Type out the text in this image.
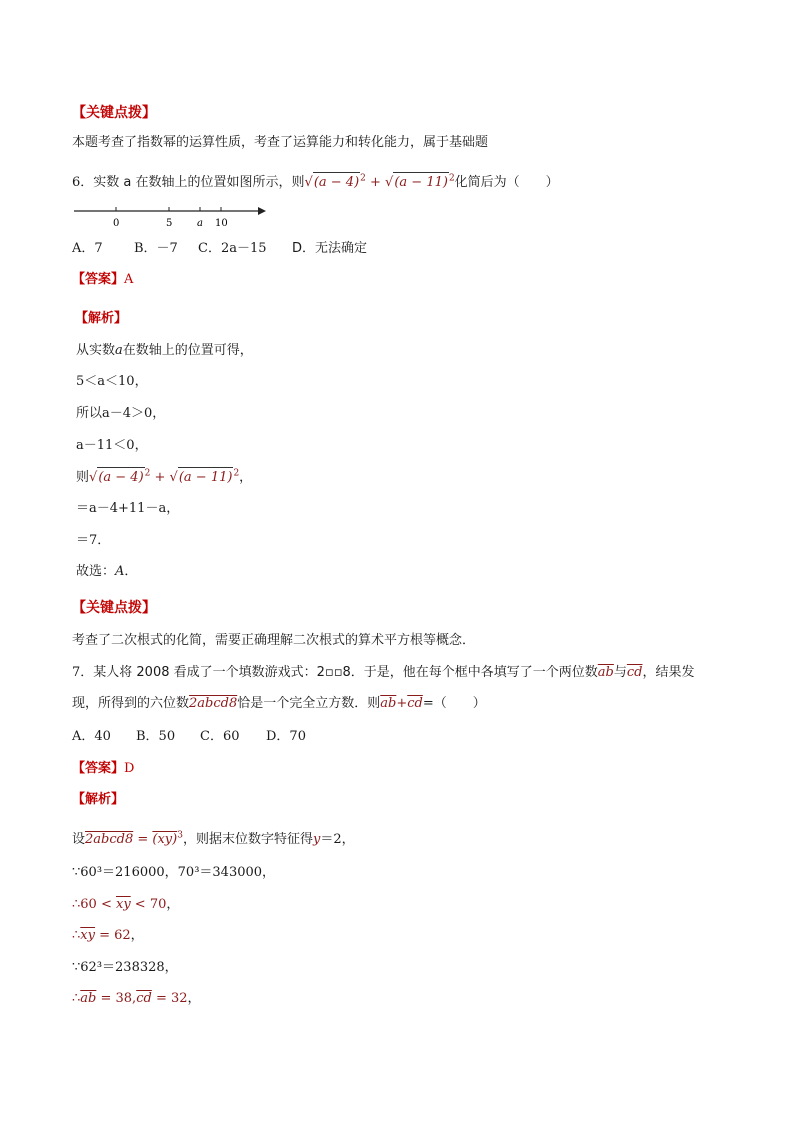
【关键点拨】
本题考查了指数幂的运算性质，考查了运算能力和转化能力，属于基础题
6．实数 a 在数轴上的位置如图所示，则$√(a - 4)^2 + √(a - 11)^2$化简后为（　　）
0	5 a 10
A．7 B．－7 C．2a－15 D．无法确定
【答案】A
【解析】
从实数a在数轴上的位置可得，
5＜a＜10，
所以a－4＞0，
a－11＜0，
则$√(a - 4)^2 + √(a - 11)^2$，
＝a－4+11－a，
＝7．
故选：A．
【关键点拨】
考查了二次根式的化简，需要正确理解二次根式的算术平方根等概念．
7．某人将 2008 看成了一个填数游戏式：2▫▫8．于是，他在每个框中各填写了一个两位数$\overline{ab}$与$\overline{cd}$，结果发
现，所得到的六位数2abcd8恰是一个完全立方数．则$\overline{ab}+\overline{cd}=$（　　）
A．40 B．50 C．60 D．70
【答案】D
【解析】
设2abcd8 = (xy)$^3$，则据末位数字特征得y＝2，
∵60³＝216000，70³＝343000，
∴60 < $\overline{xy} < 70$，
$\therefore\overline{xy} = 62$，
∵62³＝238328，
$\therefore\overline{ab} = 38,\overline{cd} = 32$，
